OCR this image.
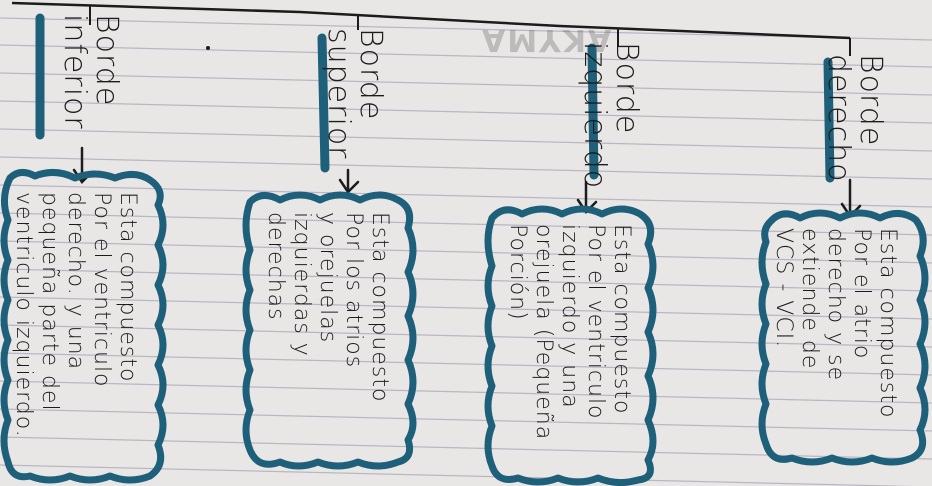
AKYMA
Borde
inferior
Esta compuesto
Por el ventriculo
derecho. y una
pequeña parte del
ventriculo izquierdo.
Borde
superior
Esta compuesto
Por los atrios
y orejuelas
izquierdas y
derechas
Borde
izquierdo
Esta compuesto
Por el ventriculo
izquierdo y una
orejuela (Pequeña
Porción)
Borde
derecho
Esta compuesto
Por el atrio
derecho y se
extiende de
VCS - VCI.
